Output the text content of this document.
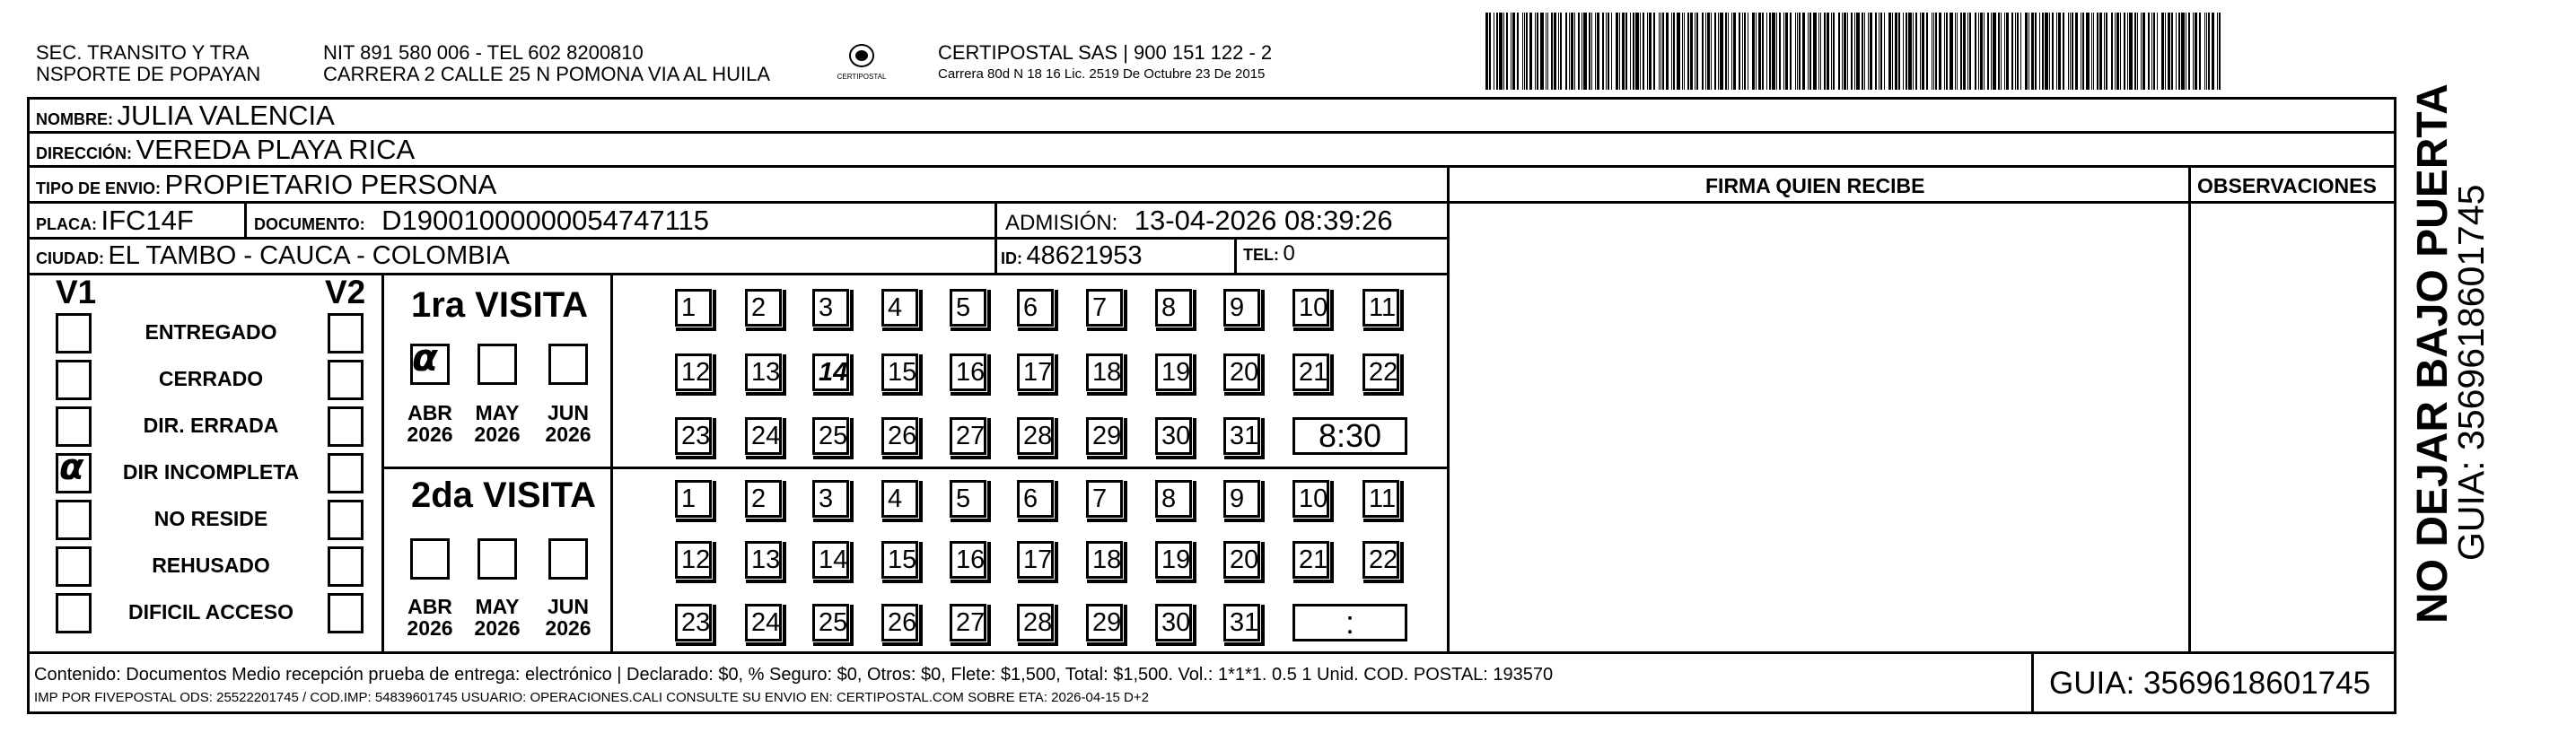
SEC. TRANSITO Y TRA
NSPORTE DE POPAYAN
NIT 891 580 006 - TEL 602 8200810
CARRERA 2 CALLE 25 N POMONA VIA AL HUILA	CERTIPOSTAL
CERTIPOSTAL SAS | 900 151 122 - 2
Carrera 80d N 18 16 Lic. 2519 De Octubre 23 De 2015
NOMBRE: JULIA VALENCIA
DIRECCIÓN: VEREDA PLAYA RICA
TIPO DE ENVIO: PROPIETARIO PERSONA	FIRMA QUIEN RECIBE	OBSERVACIONES
PLACA: IFC14F	DOCUMENTO: D19001000000054747115	ADMISIÓN: 13-04-2026 08:39:26
CIUDAD: EL TAMBO - CAUCA - COLOMBIA	ID: 48621953	TEL: 0
V1	V2
ENTREGADO
CERRADO
DIR. ERRADA
DIR INCOMPLETA
NO RESIDE
REHUSADO
DIFICIL ACCESO
α
1ra VISITA
ABR
2026
MAY
2026
JUN
2026
α
1	2	3	4	5	6	7	8	9	10 11
12 13 14 15 16 17 18 19 20 21 22
23 24 25 26 27 28 29 30 31	8:30
2da VISITA
ABR
2026
MAY
2026
JUN
2026
1	2	3	4	5	6	7	8	9	10 11
12 13 14 15 16 17 18 19 20 21 22
23 24 25 26 27 28 29 30 31	:
Contenido: Documentos Medio recepción prueba de entrega: electrónico | Declarado: $0, % Seguro: $0, Otros: $0, Flete: $1,500, Total: $1,500. Vol.: 1*1*1. 0.5 1 Unid. COD. POSTAL: 193570
IMP POR FIVEPOSTAL ODS: 25522201745 / COD.IMP: 54839601745 USUARIO: OPERACIONES.CALI CONSULTE SU ENVIO EN: CERTIPOSTAL.COM SOBRE ETA: 2026-04-15 D+2	GUIA: 3569618601745
NO DEJAR BAJO PUERTA
GUIA: 3569618601745
